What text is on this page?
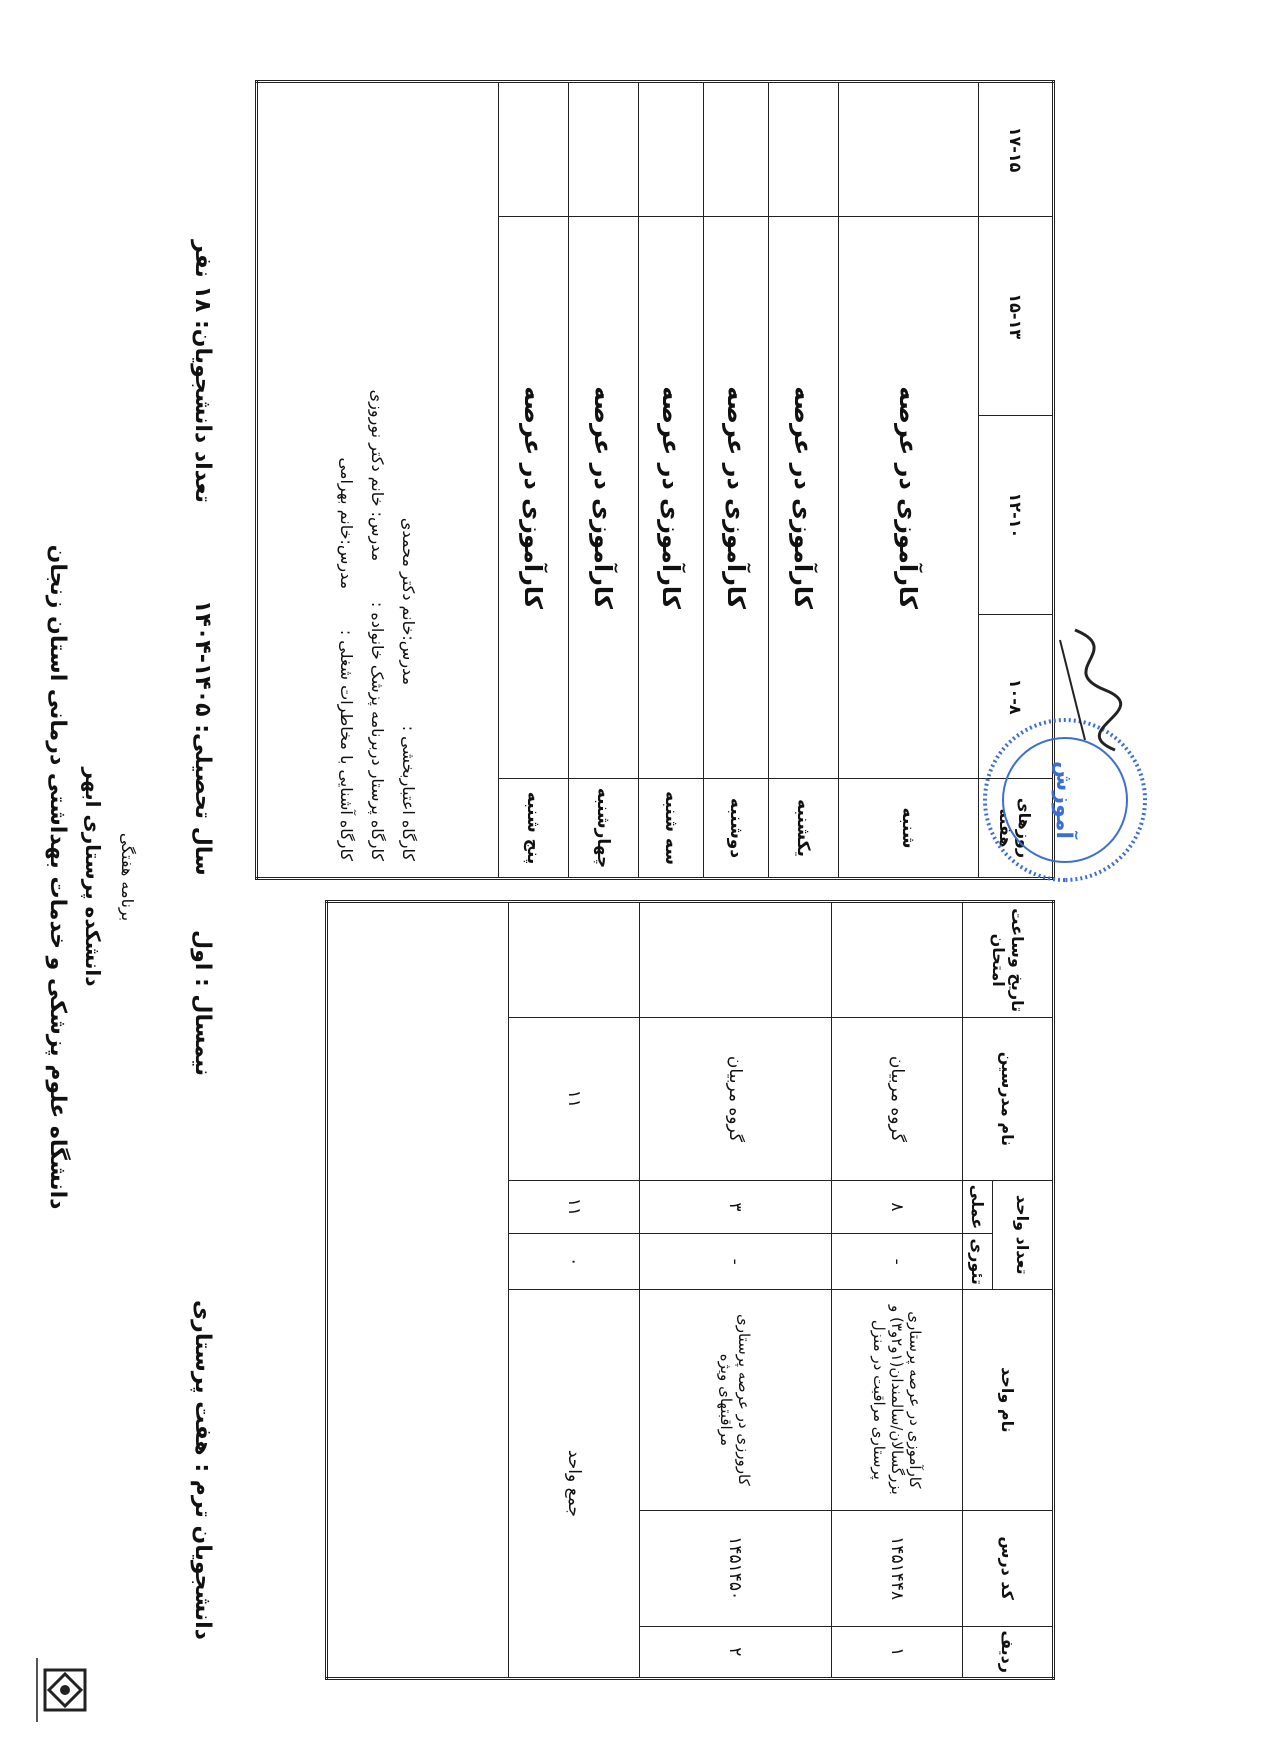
دانشگاه علوم پزشکی و خدمات بهداشتی درمانی استان زنجان دانشکده پرستاری ابهر برنامه هفتگی
دانشجویان ترم : هفت پرستاری
نیمسال : اول
سال تحصیلی: ۱۴۰۵-۱۴۰۴
تعداد دانشجویان: ۱۸ نفر
ردیف	کد درس	نام واحد	تعداد واحد		نام مدرسین	تاریخ وساعت امتحان
			تئوری	عملی		
۱	۱۴۵۱۴۴۸	کارآموزی در عرصه پرستاری بزرگسالان/سالمندان(۱و۲و۳) و پرستاری مراقبت در منزل	-	۸	گروه مربیان	
۲	۱۴۵۱۴۵۰	کارورزی در عرصه پرستاری مراقبتهای ویژه	-	۳	گروه مربیان	
جمع واحد			۰	۱۱	۱۱	

روزهای هفته	۱۰-۸	۱۲-۱۰	۱۵-۱۳	۱۷-۱۵
شنبه	کارآموزی در عرصه			
یکشنبه	کارآموزی در عرصه			
دوشنبه	کارآموزی در عرصه			
سه شنبه	کارآموزی در عرصه			
چهارشنبه	کارآموزی در عرصه			
پنج شنبه	کارآموزی در عرصه			

کارگاه اعتباربخشی :        مدرس:خانم دکتر محمدی
کارگاه پرستار دربرنامه پزشک خانواده :        مدرس: خانم دکتر نوروزی
کارگاه آشنایی با مخاطرات شغلی :        مدرس:خانم بهرامی				
آموزش
